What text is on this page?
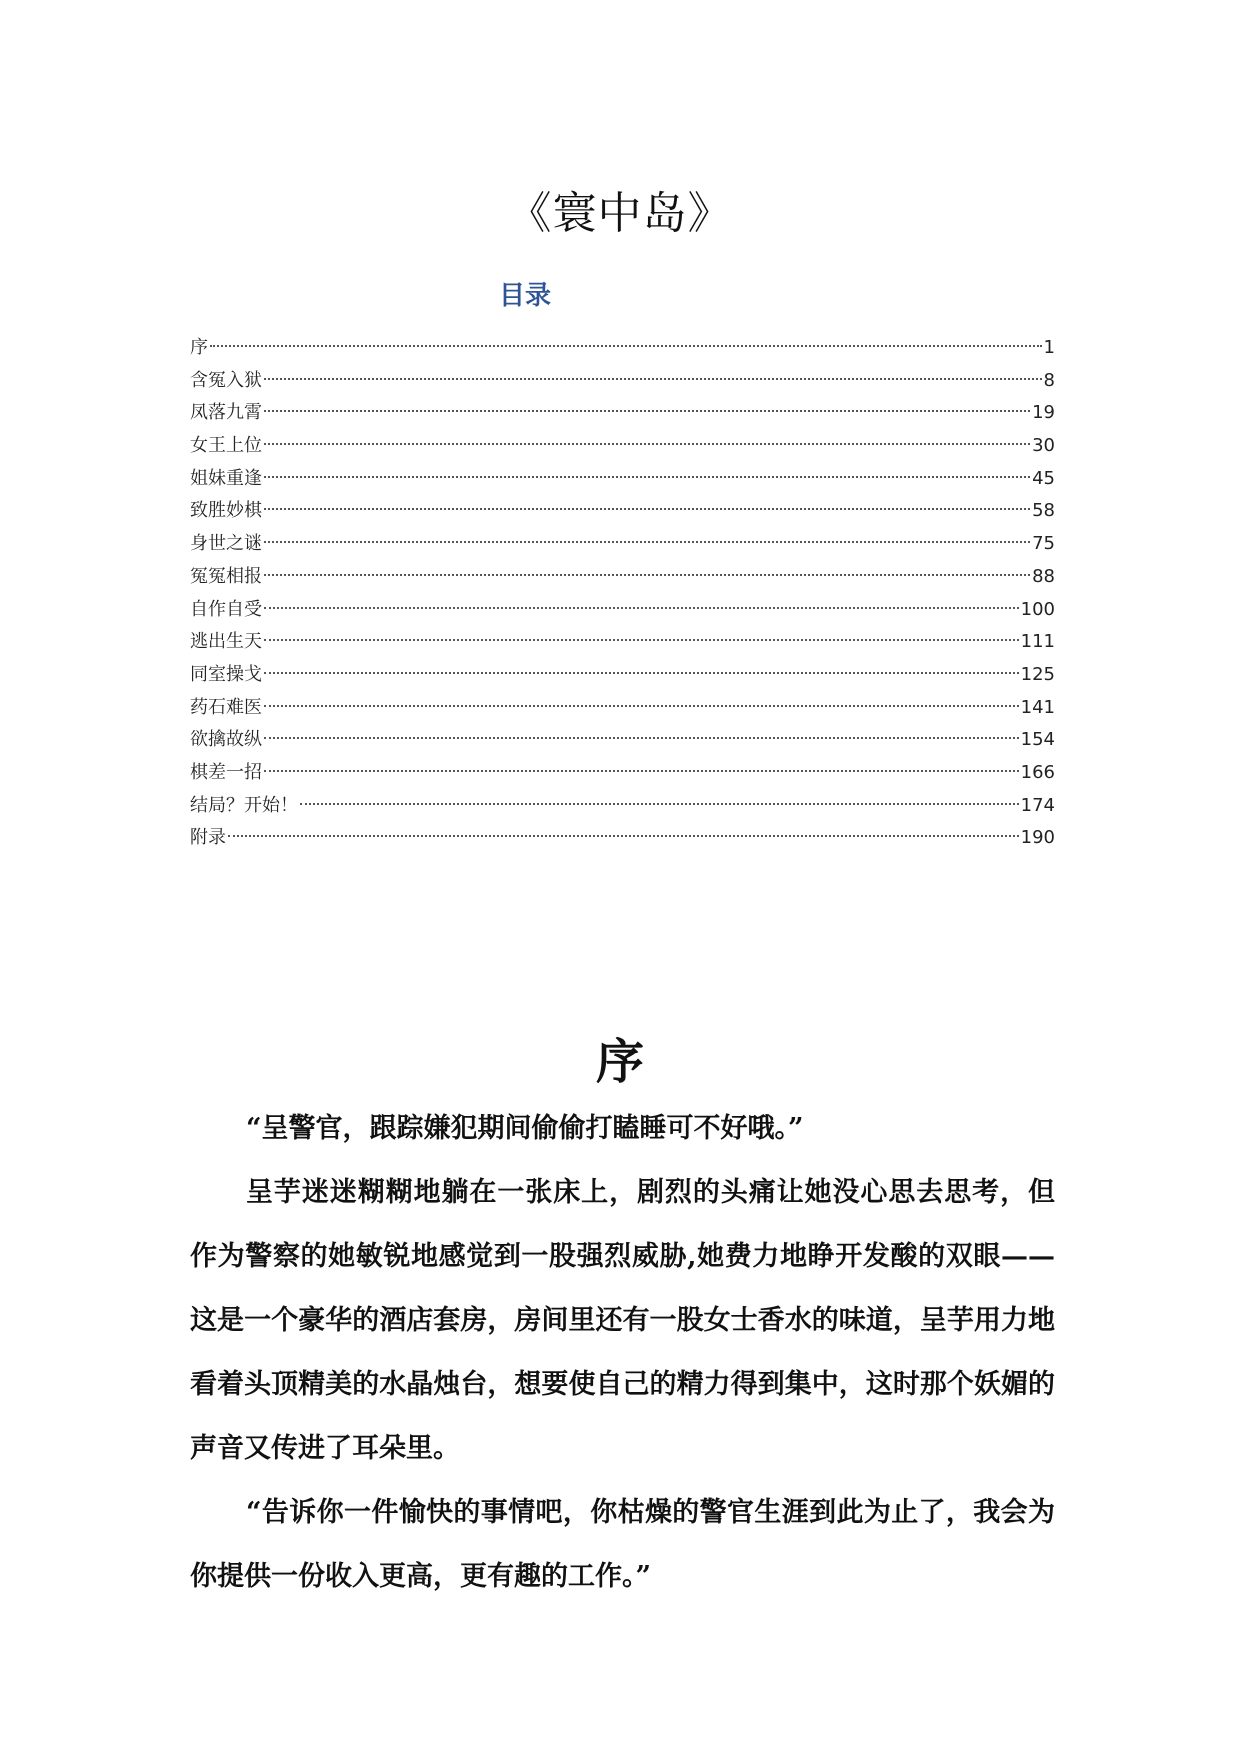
《寰中岛》
目录
序	1
含冤入狱	8
凤落九霄	19
女王上位	30
姐妹重逢	45
致胜妙棋	58
身世之谜	75
冤冤相报	88
自作自受	100
逃出生天	111
同室操戈	125
药石难医	141
欲擒故纵	154
棋差一招	166
结局？开始！	174
附录	190
序

“呈警官，跟踪嫌犯期间偷偷打瞌睡可不好哦。”

呈芋迷迷糊糊地躺在一张床上，剧烈的头痛让她没心思去思考，但作为警察的她敏锐地感觉到一股强烈威胁,她费力地睁开发酸的双眼——这是一个豪华的酒店套房，房间里还有一股女士香水的味道，呈芋用力地看着头顶精美的水晶烛台，想要使自己的精力得到集中，这时那个妖媚的声音又传进了耳朵里。

“告诉你一件愉快的事情吧，你枯燥的警官生涯到此为止了，我会为你提供一份收入更高，更有趣的工作。”
